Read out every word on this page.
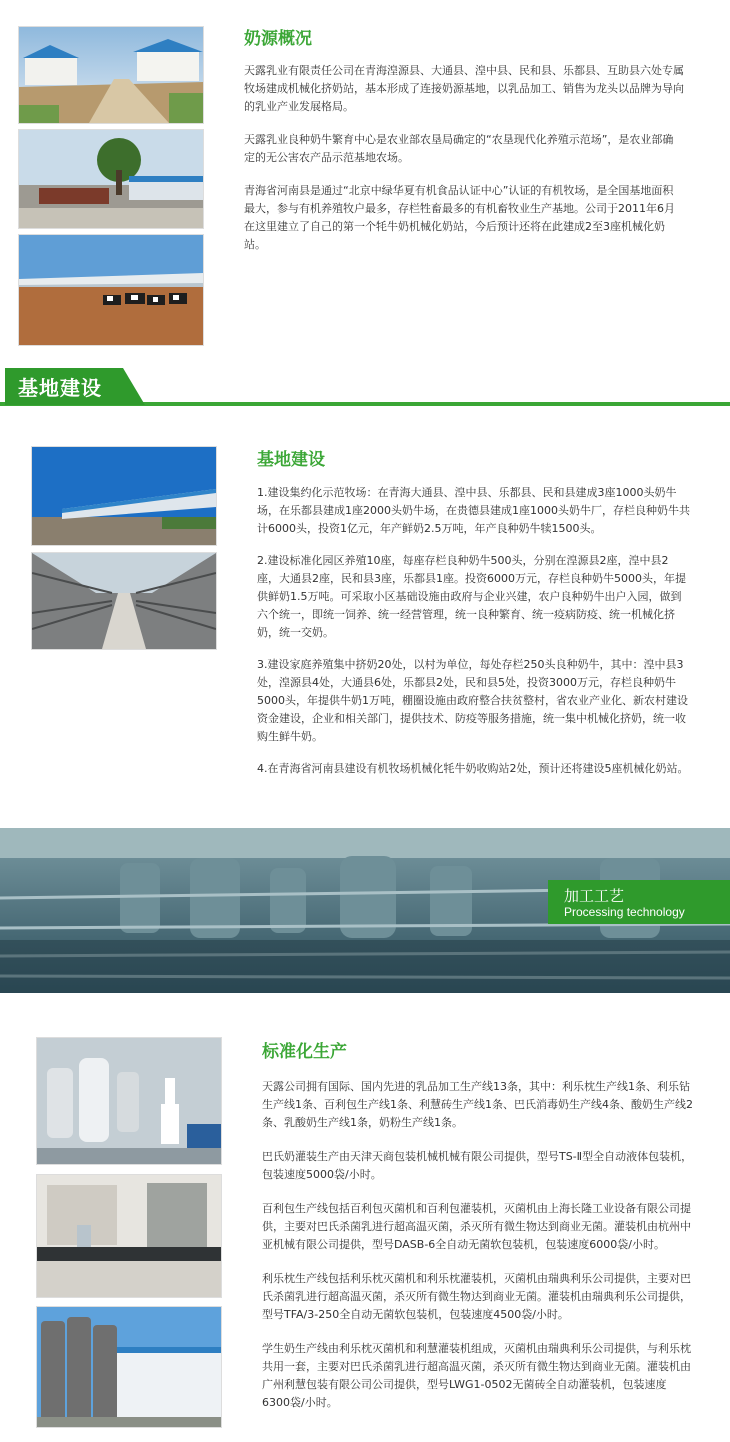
奶源概况

天露乳业有限责任公司在青海湟源县、大通县、湟中县、民和县、乐都县、互助县六处专属牧场建成机械化挤奶站，基本形成了连接奶源基地，以乳品加工、销售为龙头以品牌为导向的乳业产业发展格局。

天露乳业良种奶牛繁育中心是农业部农垦局确定的“农垦现代化养殖示范场”，是农业部确定的无公害农产品示范基地农场。

青海省河南县是通过“北京中绿华夏有机食品认证中心”认证的有机牧场，是全国基地面积最大，参与有机养殖牧户最多，存栏牲畜最多的有机畜牧业生产基地。公司于2011年6月在这里建立了自己的第一个牦牛奶机械化奶站，今后预计还将在此建成2至3座机械化奶站。

基地建设
基地建设

1.建设集约化示范牧场：在青海大通县、湟中县、乐都县、民和县建成3座1000头奶牛场，在乐都县建成1座2000头奶牛场，在贵德县建成1座1000头奶牛厂，存栏良种奶牛共计6000头，投资1亿元，年产鲜奶2.5万吨，年产良种奶牛犊1500头。

2.建设标准化园区养殖10座，每座存栏良种奶牛500头，分别在湟源县2座，湟中县2座，大通县2座，民和县3座，乐都县1座。投资6000万元，存栏良种奶牛5000头，年提供鲜奶1.5万吨。可采取小区基础设施由政府与企业兴建，农户良种奶牛出户入园，做到六个统一，即统一饲养、统一经营管理，统一良种繁育、统一疫病防疫、统一机械化挤奶，统一交奶。

3.建设家庭养殖集中挤奶20处，以村为单位，每处存栏250头良种奶牛，其中：湟中县3处，湟源县4处，大通县6处，乐都县2处，民和县5处，投资3000万元，存栏良种奶牛5000头，年提供牛奶1万吨，棚圈设施由政府整合扶贫整村，省农业产业化、新农村建设资金建设，企业和相关部门，提供技术、防疫等服务措施，统一集中机械化挤奶，统一收购生鲜牛奶。

4.在青海省河南县建设有机牧场机械化牦牛奶收购站2处，预计还将建设5座机械化奶站。

加工工艺
Processing technology
标准化生产

天露公司拥有国际、国内先进的乳品加工生产线13条，其中：利乐枕生产线1条、利乐钻生产线1条、百利包生产线1条、利慧砖生产线1条、巴氏消毒奶生产线4条、酸奶生产线2条、乳酸奶生产线1条，奶粉生产线1条。

巴氏奶灌装生产由天津天商包装机械机械有限公司提供，型号TS-Ⅱ型全自动液体包装机，包装速度5000袋/小时。

百利包生产线包括百利包灭菌机和百利包灌装机，灭菌机由上海长隆工业设备有限公司提供，主要对巴氏杀菌乳进行超高温灭菌，杀灭所有微生物达到商业无菌。灌装机由杭州中亚机械有限公司提供，型号DASB-6全自动无菌软包装机，包装速度6000袋/小时。

利乐枕生产线包括利乐枕灭菌机和利乐枕灌装机，灭菌机由瑞典利乐公司提供，主要对巴氏杀菌乳进行超高温灭菌，杀灭所有微生物达到商业无菌。灌装机由瑞典利乐公司提供，型号TFA/3-250全自动无菌软包装机，包装速度4500袋/小时。

学生奶生产线由利乐枕灭菌机和利慧灌装机组成，灭菌机由瑞典利乐公司提供，与利乐枕共用一套，主要对巴氏杀菌乳进行超高温灭菌，杀灭所有微生物达到商业无菌。灌装机由广州利慧包装有限公司公司提供，型号LWG1-0502无菌砖全自动灌装机，包装速度6300袋/小时。
